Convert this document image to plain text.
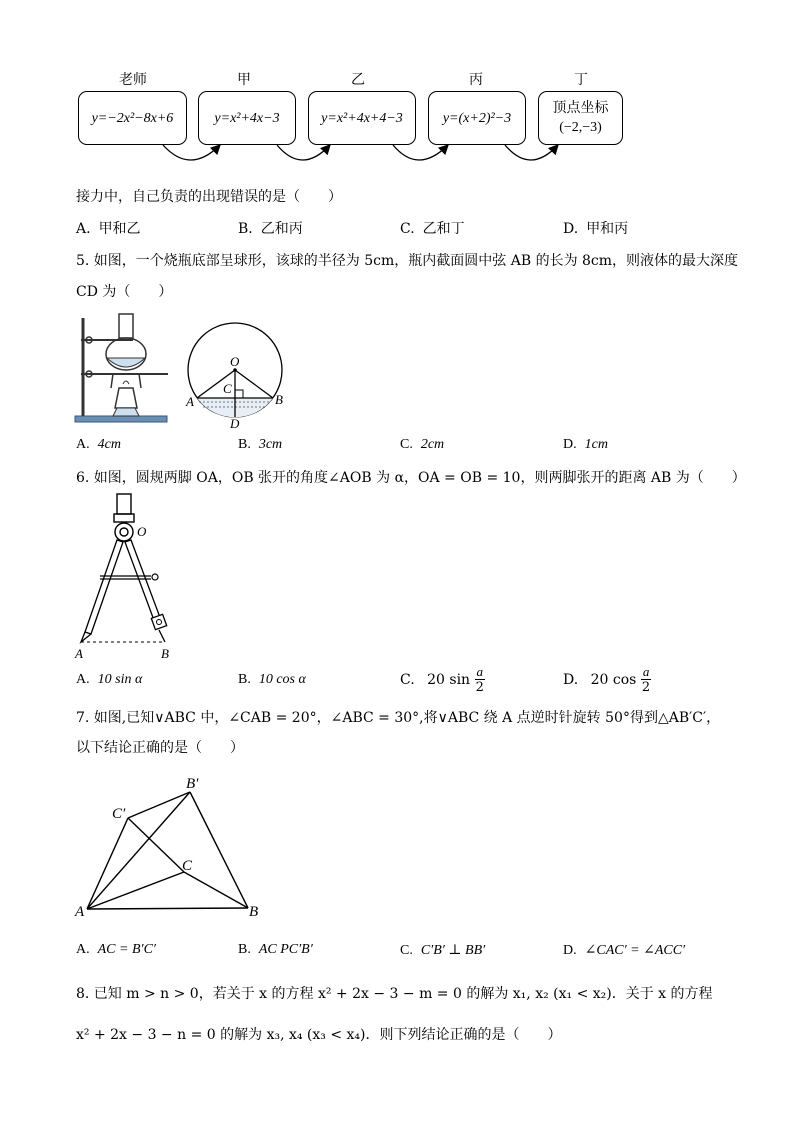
老师	甲	乙	丙	丁
y=−2x²−8x+6	y=x²+4x−3	y=x²+4x+4−3	y=(x+2)²−3
顶点坐标
(−2,−3)
接力中，自己负责的出现错误的是（　　）
A. 甲和乙	B. 乙和丙	C. 乙和丁	D. 甲和丙
5. 如图，一个烧瓶底部呈球形，该球的半径为 5cm，瓶内截面圆中弦 AB 的长为 8cm，则液体的最大深度
CD 为（　　）
O
C
A	B
D
A. 4cm	B. 3cm	C. 2cm	D. 1cm
6. 如图，圆规两脚 OA，OB 张开的角度∠AOB 为 α，OA = OB = 10，则两脚张开的距离 AB 为（　　）
O
A	B
A. 10 sin α	B. 10 cos α	C. 20 $\sin \frac{a}{2}$	D. 20 $\cos \frac{a}{2}$
7. 如图,已知∨ABC 中，∠CAB = 20°，∠ABC = 30°,将∨ABC 绕 A 点逆时针旋转 50°得到△AB′C′，
以下结论正确的是（　　）
B′
C′
C
A	B
A. AC = B′C′	B. AC PC′B′	C. C′B′ ⊥ BB′	D. ∠CAC′ = ∠ACC′
8. 已知 m > n > 0，若关于 x 的方程 x² + 2x − 3 − m = 0 的解为 x₁, x₂ (x₁ < x₂)．关于 x 的方程
x² + 2x − 3 − n = 0 的解为 x₃, x₄ (x₃ < x₄)．则下列结论正确的是（　　）
